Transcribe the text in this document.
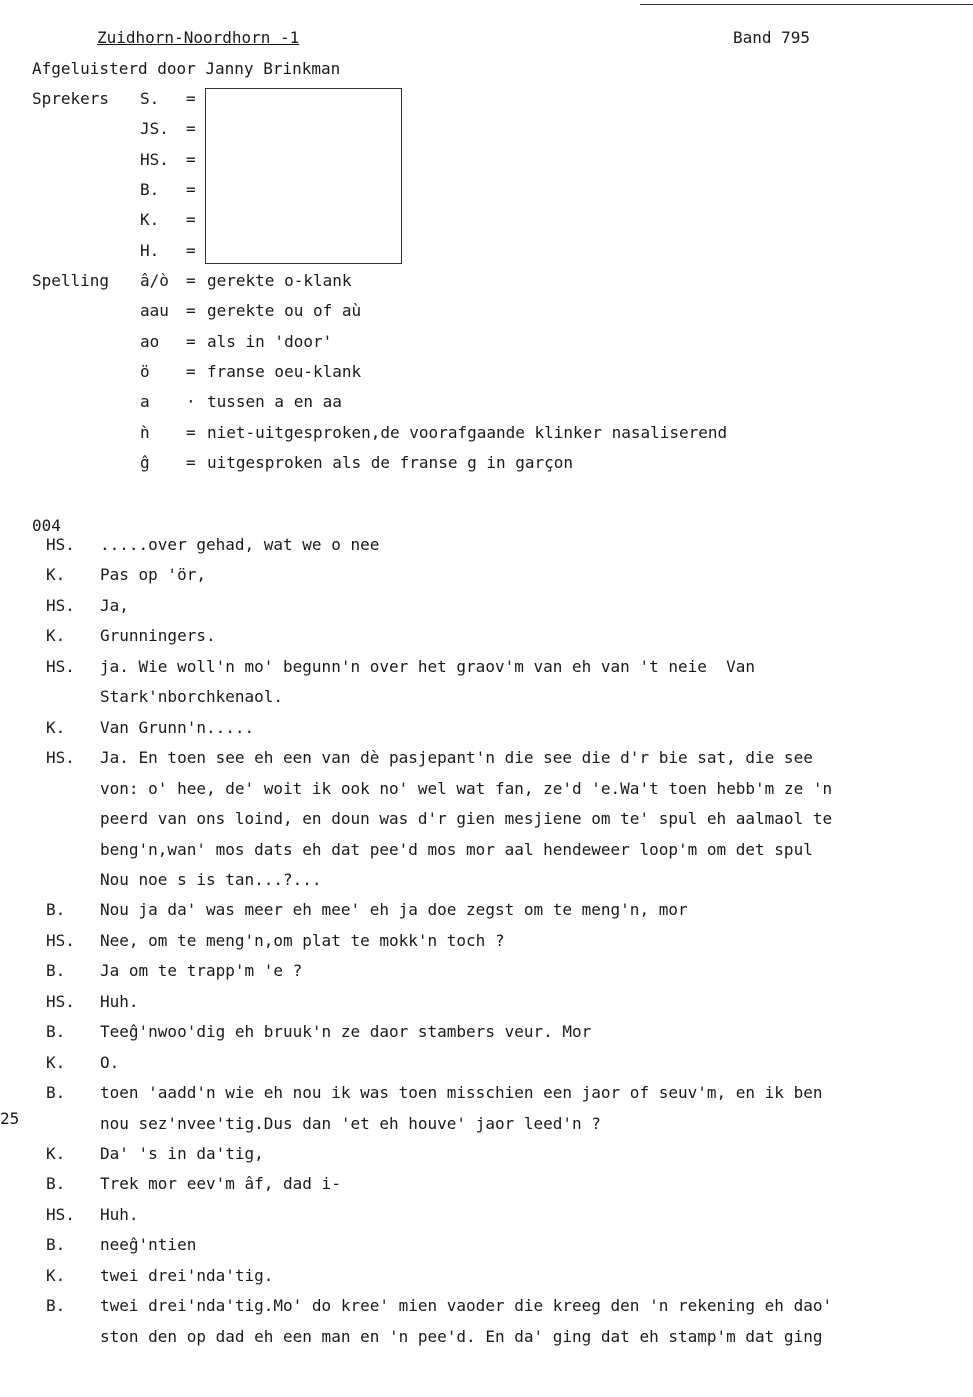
Zuidhorn-Noordhorn -1	Band 795
Afgeluisterd door Janny Brinkman
Sprekers S. =
JS. =
HS. =
B. =
K. =
H. =
Spelling â/ò = gerekte o-klank
aau = gerekte ou of aù
ao = als in 'door'
ö = franse oeu-klank
a · tussen a en aa
ǹ = niet-uitgesproken,de voorafgaande klinker nasaliserend
ĝ = uitgesproken als de franse g in garçon
004
25
HS. .....over gehad, wat we o nee
K. Pas op 'ör,
HS. Ja,
K. Grunningers.
HS. ja. Wie woll'n mo' begunn'n over het graov'm van eh van 't neie  Van
Stark'nborchkenaol.
K. Van Grunn'n.....
HS. Ja. En toen see eh een van dè pasjepant'n die see die d'r bie sat, die see
von: o' hee, de' woit ik ook no' wel wat fan, ze'd 'e.Wa't toen hebb'm ze 'n
peerd van ons loind, en doun was d'r gien mesjiene om te' spul eh aalmaol te
beng'n,wan' mos dats eh dat pee'd mos mor aal hendeweer loop'm om det spul
Nou noe s is tan...?...
B. Nou ja da' was meer eh mee' eh ja doe zegst om te meng'n, mor
HS. Nee, om te meng'n,om plat te mokk'n toch ?
B. Ja om te trapp'm 'e ?
HS. Huh.
B. Teeĝ'nwoo'dig eh bruuk'n ze daor stambers veur. Mor
K. O.
B. toen 'aadd'n wie eh nou ik was toen misschien een jaor of seuv'm, en ik ben
nou sez'nvee'tig.Dus dan 'et eh houve' jaor leed'n ?
K. Da' 's in da'tig,
B. Trek mor eev'm âf, dad i-
HS. Huh.
B. neeĝ'ntien
K. twei drei'nda'tig.
B. twei drei'nda'tig.Mo' do kree' mien vaoder die kreeg den 'n rekening eh dao'
ston den op dad eh een man en 'n pee'd. En da' ging dat eh stamp'm dat ging
